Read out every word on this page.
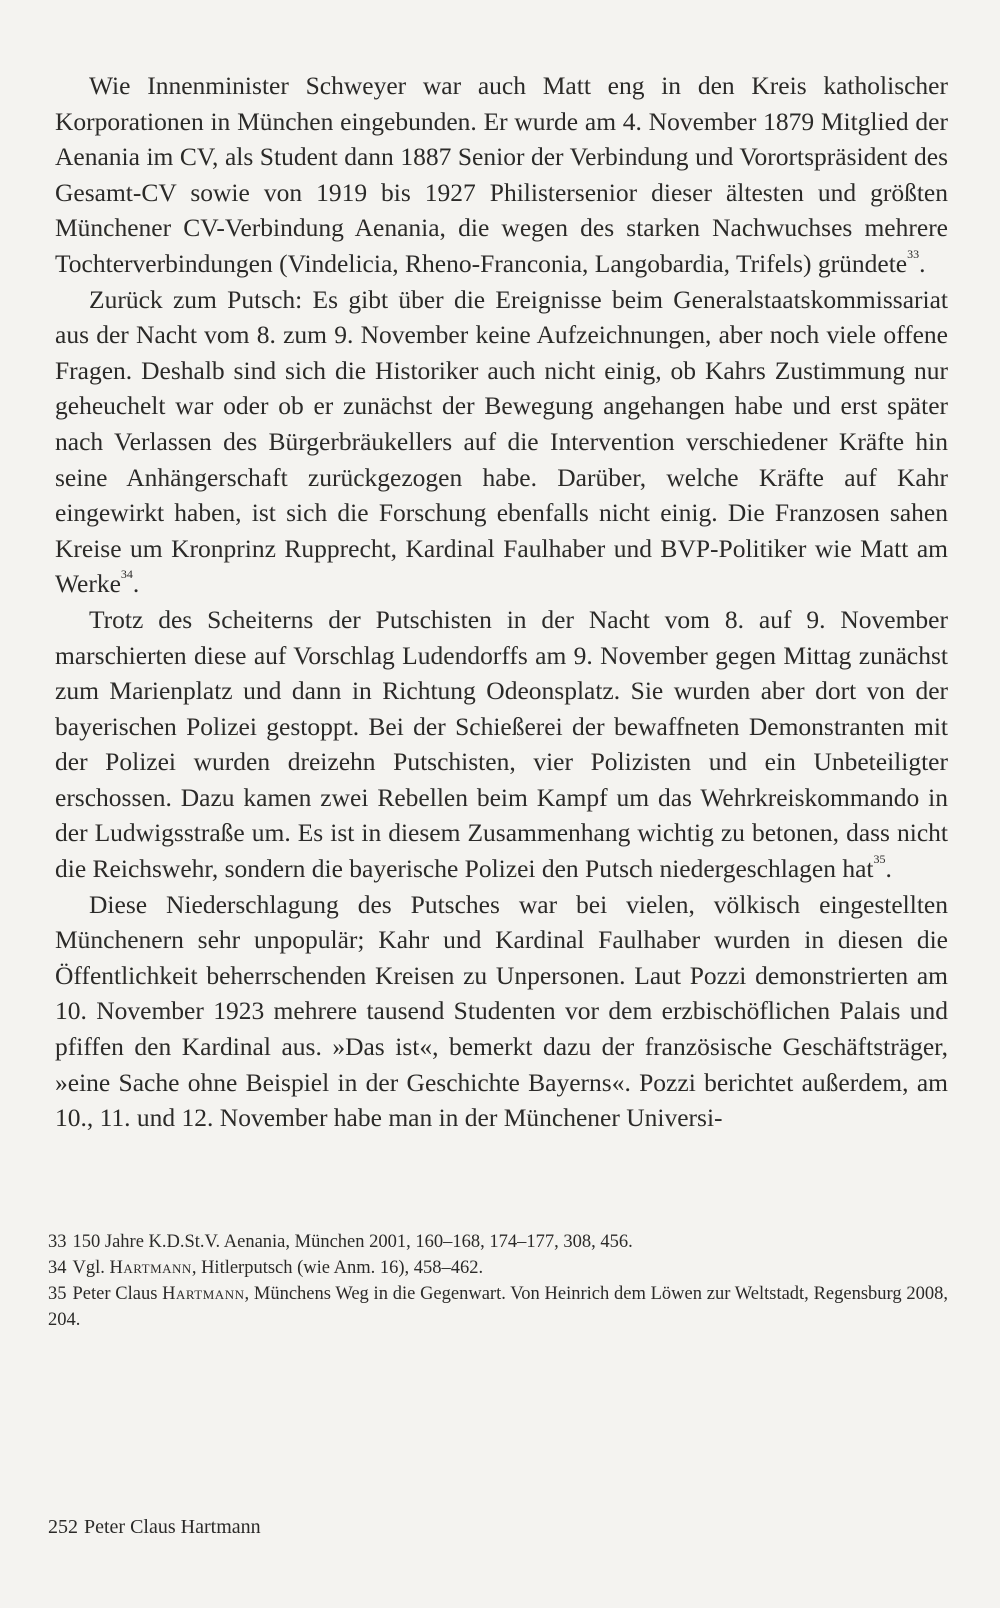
Wie Innenminister Schweyer war auch Matt eng in den Kreis katholischer Korporationen in München eingebunden. Er wurde am 4. November 1879 Mitglied der Aenania im CV, als Student dann 1887 Senior der Verbindung und Vorortspräsident des Gesamt-CV sowie von 1919 bis 1927 Philistersenior dieser ältesten und größten Münchener CV-Verbindung Aenania, die wegen des starken Nachwuchses mehrere Tochterverbindungen (Vindelicia, Rheno-Franconia, Langobardia, Trifels) gründete$^{33}$.

Zurück zum Putsch: Es gibt über die Ereignisse beim Generalstaatskommissariat aus der Nacht vom 8. zum 9. November keine Aufzeichnungen, aber noch viele offene Fragen. Deshalb sind sich die Historiker auch nicht einig, ob Kahrs Zustimmung nur geheuchelt war oder ob er zunächst der Bewegung angehangen habe und erst später nach Verlassen des Bürgerbräukellers auf die Intervention verschiedener Kräfte hin seine Anhängerschaft zurückgezogen habe. Darüber, welche Kräfte auf Kahr eingewirkt haben, ist sich die Forschung ebenfalls nicht einig. Die Franzosen sahen Kreise um Kronprinz Rupprecht, Kardinal Faulhaber und BVP-Politiker wie Matt am Werke$^{34}$.

Trotz des Scheiterns der Putschisten in der Nacht vom 8. auf 9. November marschierten diese auf Vorschlag Ludendorffs am 9. November gegen Mittag zunächst zum Marienplatz und dann in Richtung Odeonsplatz. Sie wurden aber dort von der bayerischen Polizei gestoppt. Bei der Schießerei der bewaffneten Demonstranten mit der Polizei wurden dreizehn Putschisten, vier Polizisten und ein Unbeteiligter erschossen. Dazu kamen zwei Rebellen beim Kampf um das Wehrkreiskommando in der Ludwigsstraße um. Es ist in diesem Zusammenhang wichtig zu betonen, dass nicht die Reichswehr, sondern die bayerische Polizei den Putsch niedergeschlagen hat$^{35}$.

Diese Niederschlagung des Putsches war bei vielen, völkisch eingestellten Münchenern sehr unpopulär; Kahr und Kardinal Faulhaber wurden in diesen die Öffentlichkeit beherrschenden Kreisen zu Unpersonen. Laut Pozzi demonstrierten am 10. November 1923 mehrere tausend Studenten vor dem erzbischöflichen Palais und pfiffen den Kardinal aus. »Das ist«, bemerkt dazu der französische Geschäftsträger, »eine Sache ohne Beispiel in der Geschichte Bayerns«. Pozzi berichtet außerdem, am 10., 11. und 12. November habe man in der Münchener Universi-

33 150 Jahre K.D.St.V. Aenania, München 2001, 160–168, 174–177, 308, 456.
34 Vgl. Hartmann, Hitlerputsch (wie Anm. 16), 458–462.
35 Peter Claus Hartmann, Münchens Weg in die Gegenwart. Von Heinrich dem Löwen zur Weltstadt, Regensburg 2008, 204.
252 Peter Claus Hartmann
